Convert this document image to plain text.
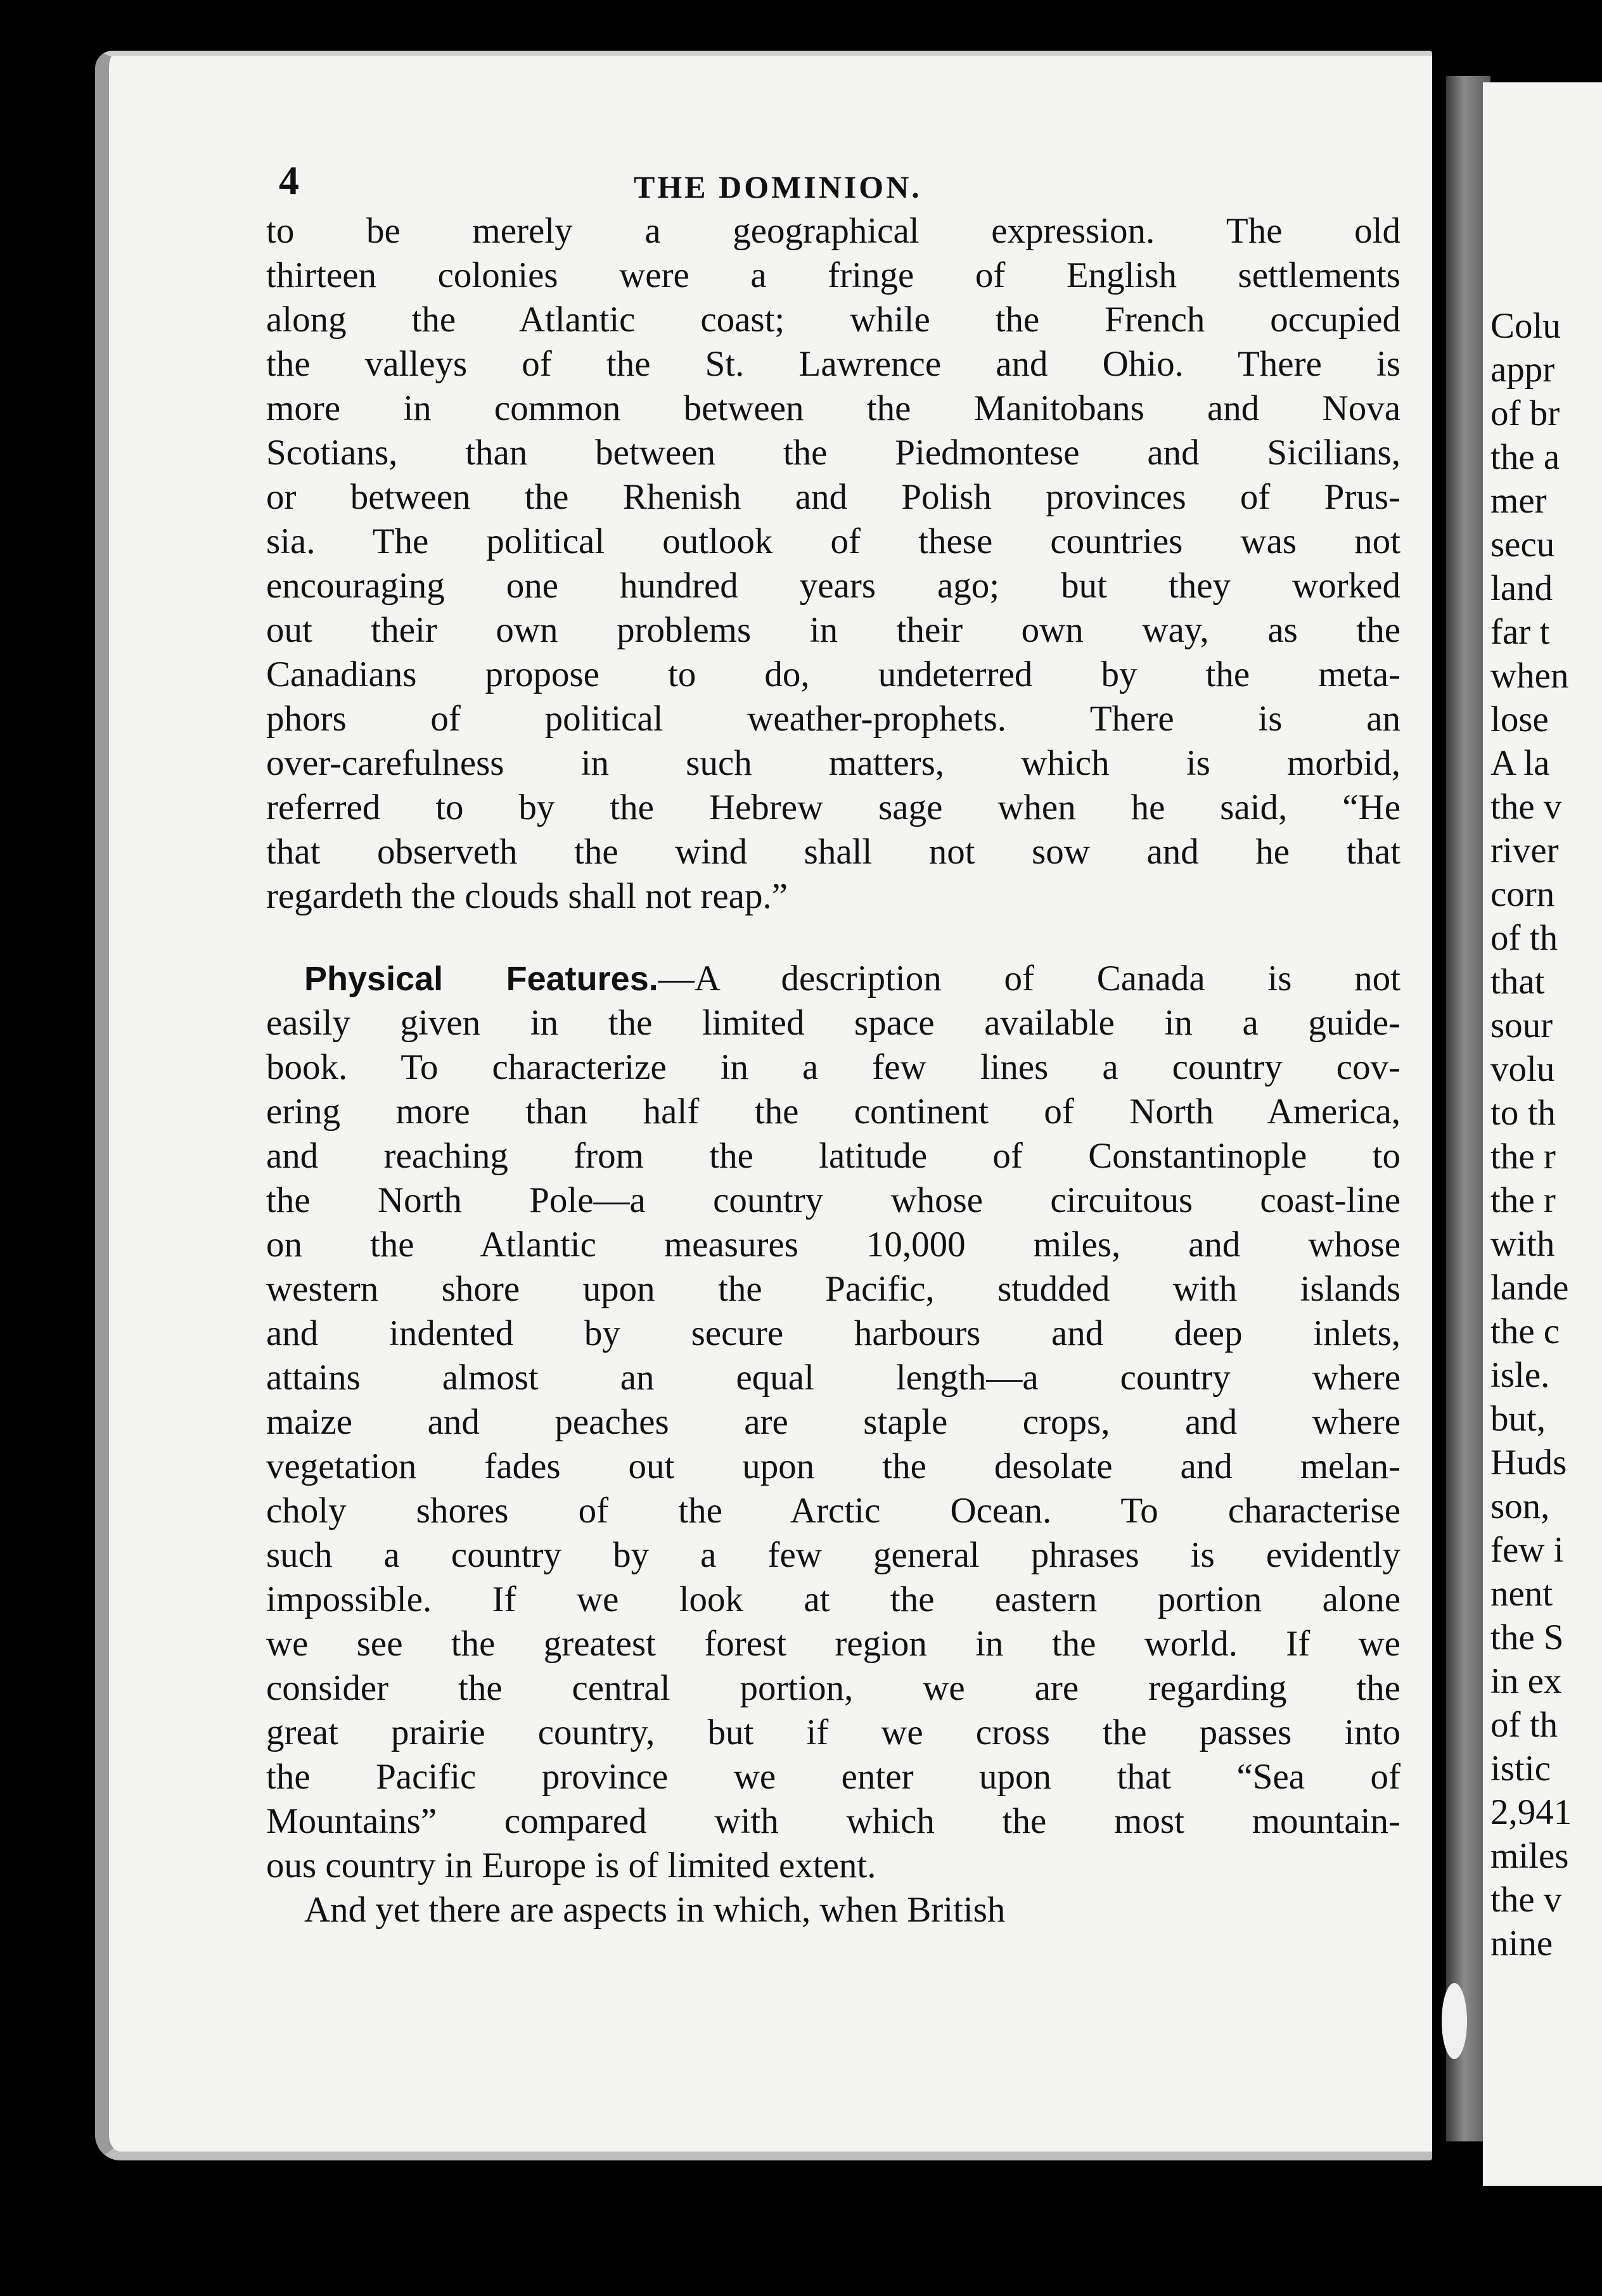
Colu
appr
of br
the a
mer
secu
land
far t
when
lose
A la
the v
river
corn
of th
that
sour
volu
to th
the r
the r
with
lande
the c
isle.
but,
Huds
son,
few i
nent
the S
in ex
of th
istic
2,941
miles
the v
nine
4	THE DOMINION.
to be merely a geographical expression. The old
thirteen colonies were a fringe of English settlements
along the Atlantic coast; while the French occupied
the valleys of the St. Lawrence and Ohio. There is
more in common between the Manitobans and Nova
Scotians, than between the Piedmontese and Sicilians,
or between the Rhenish and Polish provinces of Prus-
sia. The political outlook of these countries was not
encouraging one hundred years ago; but they worked
out their own problems in their own way, as the
Canadians propose to do, undeterred by the meta-
phors of political weather-prophets. There is an
over-carefulness in such matters, which is morbid,
referred to by the Hebrew sage when he said, “He
that observeth the wind shall not sow and he that
regardeth the clouds shall not reap.”
Physical Features.—A description of Canada is not
easily given in the limited space available in a guide-
book. To characterize in a few lines a country cov-
ering more than half the continent of North America,
and reaching from the latitude of Constantinople to
the North Pole—a country whose circuitous coast-line
on the Atlantic measures 10,000 miles, and whose
western shore upon the Pacific, studded with islands
and indented by secure harbours and deep inlets,
attains almost an equal length—a country where
maize and peaches are staple crops, and where
vegetation fades out upon the desolate and melan-
choly shores of the Arctic Ocean. To characterise
such a country by a few general phrases is evidently
impossible. If we look at the eastern portion alone
we see the greatest forest region in the world. If we
consider the central portion, we are regarding the
great prairie country, but if we cross the passes into
the Pacific province we enter upon that “Sea of
Mountains” compared with which the most mountain-
ous country in Europe is of limited extent.
And yet there are aspects in which, when British
